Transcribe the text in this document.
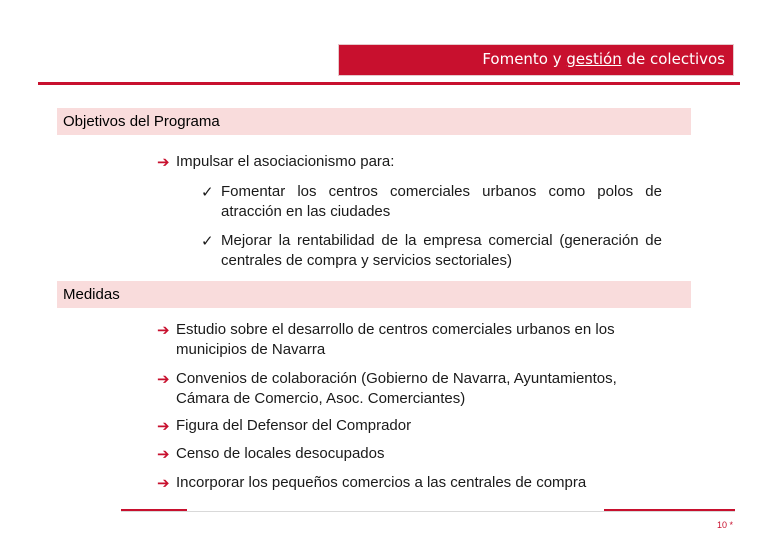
Fomento y gestión de colectivos
Objetivos del Programa
➔ Impulsar el asociacionismo para:
✓ Fomentar los centros comerciales urbanos como polos de atracción en las ciudades
✓ Mejorar la rentabilidad de la empresa comercial (generación de centrales de compra y servicios sectoriales)
Medidas
➔ Estudio sobre el desarrollo de centros comerciales urbanos en los municipios de Navarra
➔ Convenios de colaboración (Gobierno de Navarra, Ayuntamientos, Cámara de Comercio, Asoc. Comerciantes)
➔ Figura del Defensor del Comprador
➔ Censo de locales desocupados
➔ Incorporar los pequeños comercios a las centrales de compra
10 *
